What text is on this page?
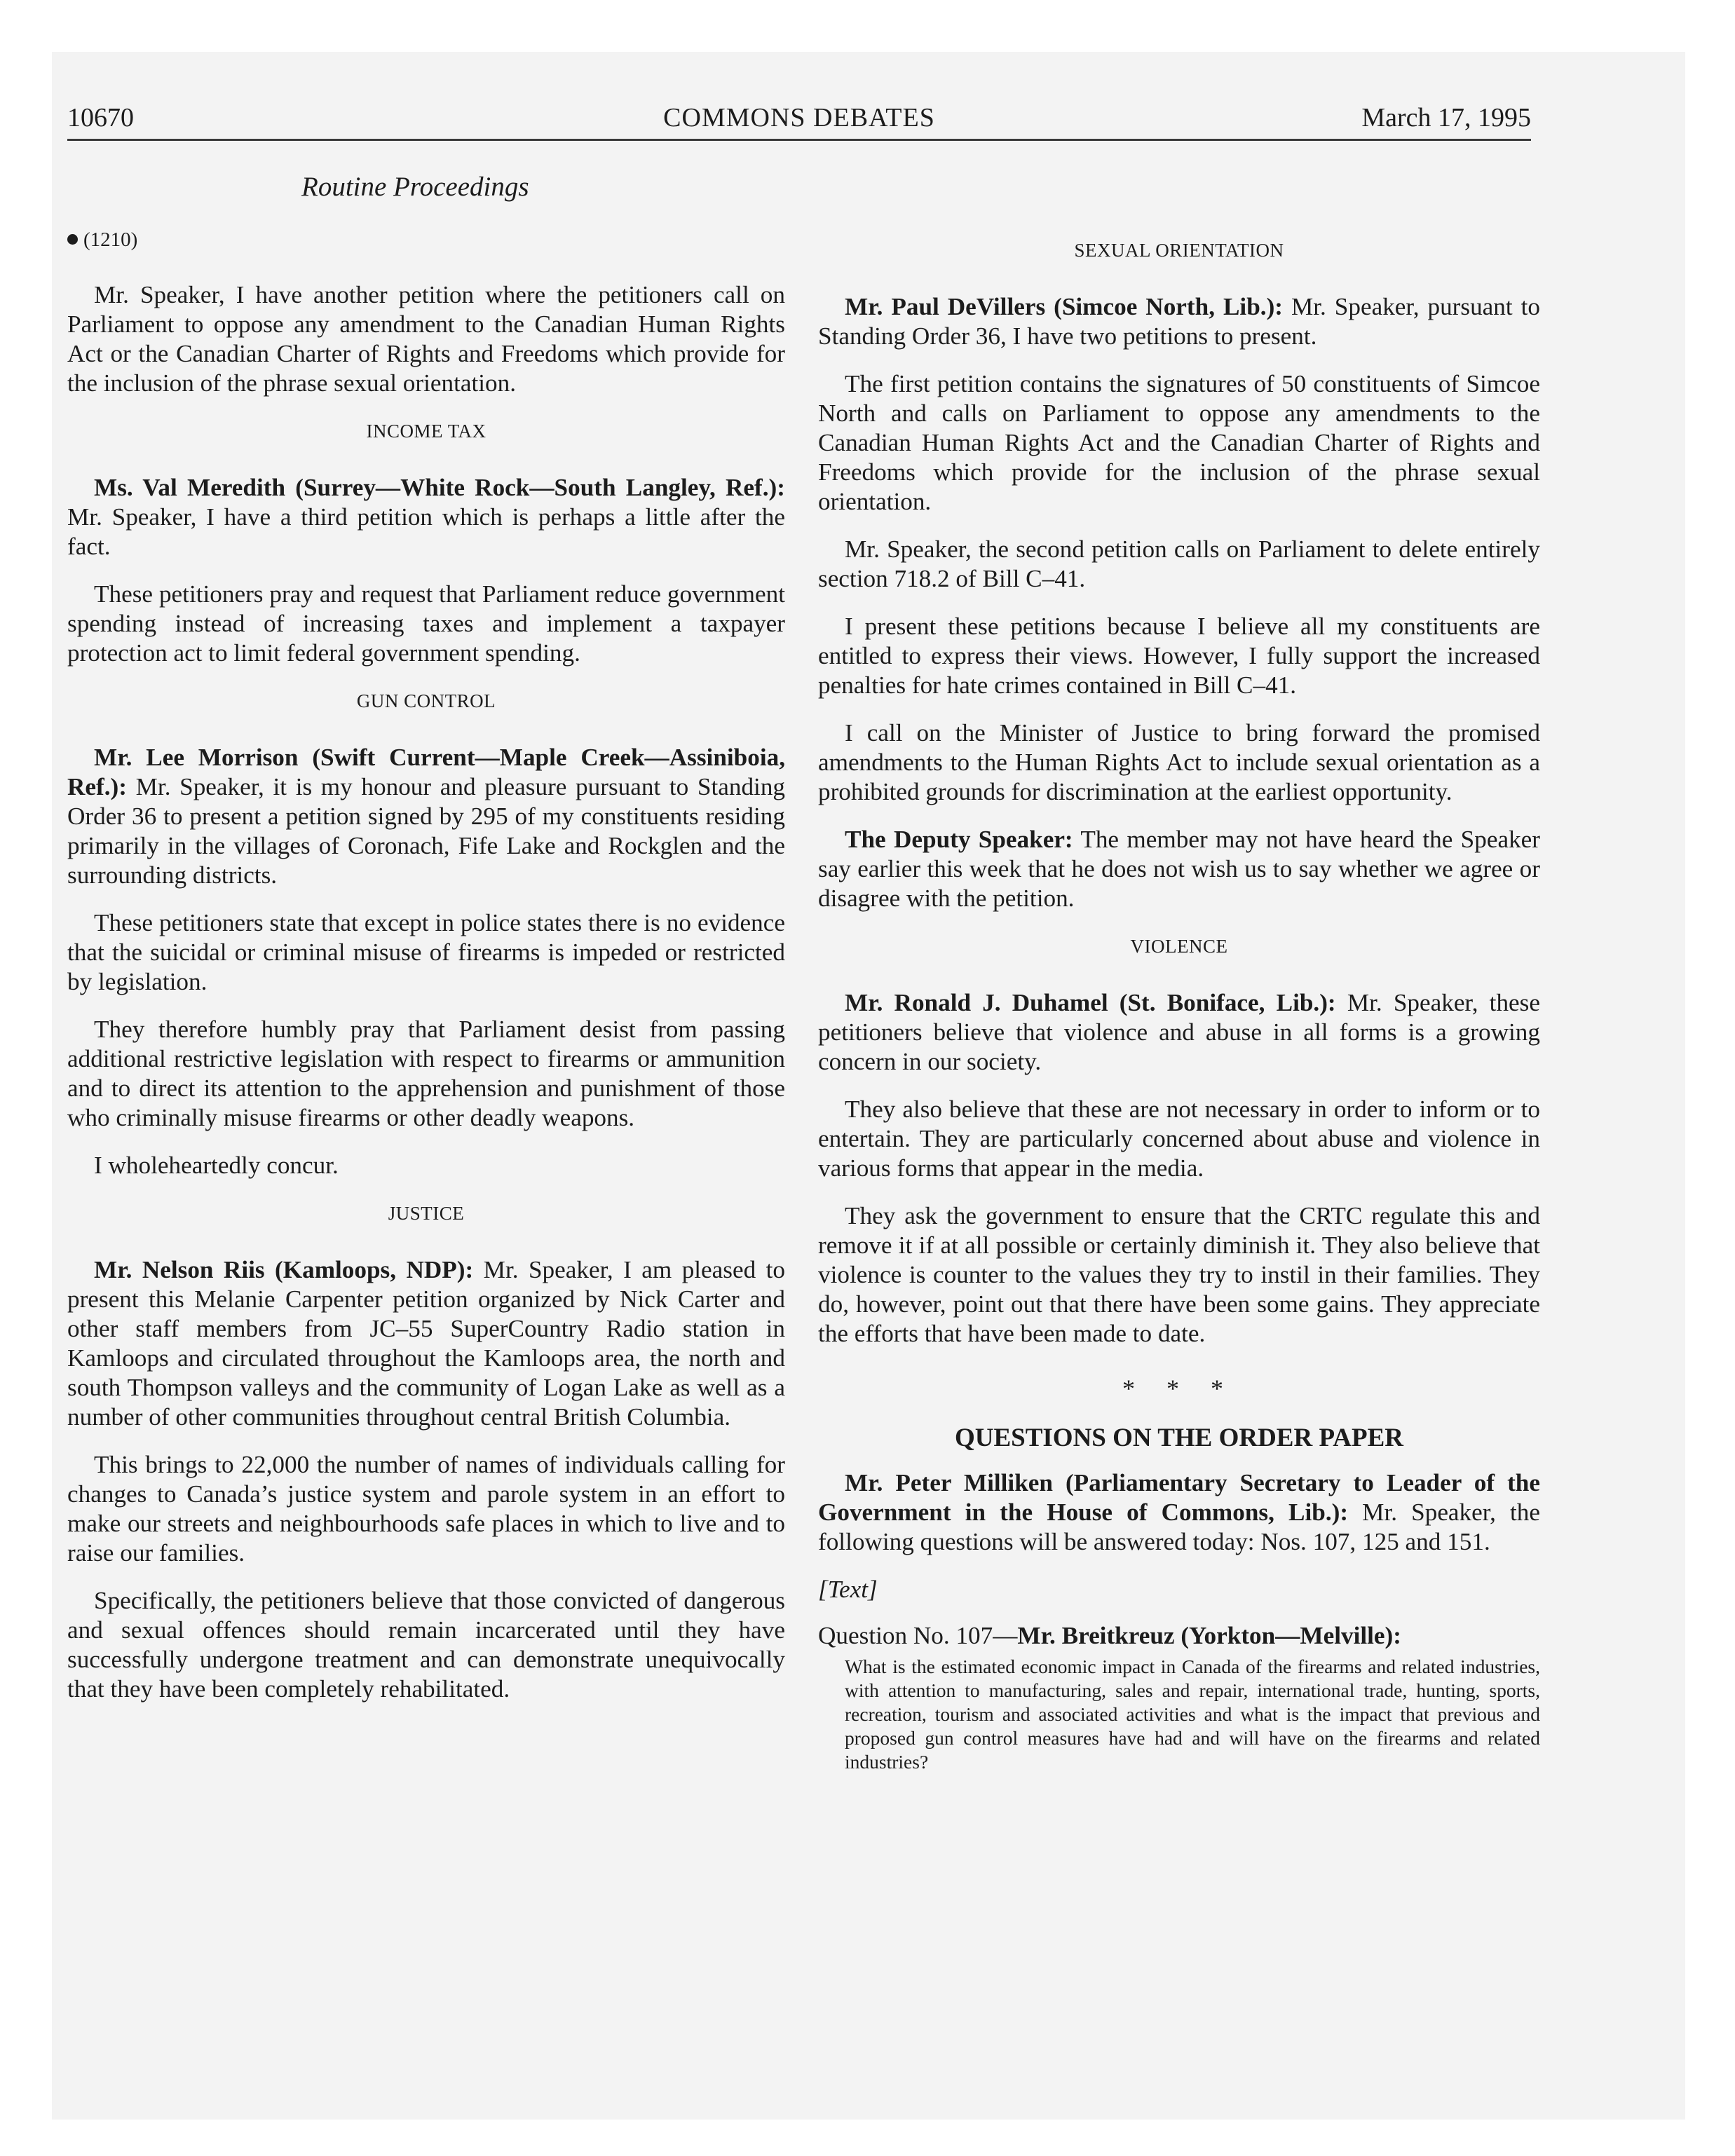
10670	COMMONS DEBATES	March 17, 1995
Routine Proceedings
(1210)

Mr. Speaker, I have another petition where the petitioners call on Parliament to oppose any amendment to the Canadian Human Rights Act or the Canadian Charter of Rights and Freedoms which provide for the inclusion of the phrase sexual orientation.

INCOME TAX

Ms. Val Meredith (Surrey—White Rock—South Langley, Ref.): Mr. Speaker, I have a third petition which is perhaps a little after the fact.

These petitioners pray and request that Parliament reduce government spending instead of increasing taxes and implement a taxpayer protection act to limit federal government spending.

GUN CONTROL

Mr. Lee Morrison (Swift Current—Maple Creek—Assiniboia, Ref.): Mr. Speaker, it is my honour and pleasure pursuant to Standing Order 36 to present a petition signed by 295 of my constituents residing primarily in the villages of Coronach, Fife Lake and Rockglen and the surrounding districts.

These petitioners state that except in police states there is no evidence that the suicidal or criminal misuse of firearms is impeded or restricted by legislation.

They therefore humbly pray that Parliament desist from passing additional restrictive legislation with respect to firearms or ammunition and to direct its attention to the apprehension and punishment of those who criminally misuse firearms or other deadly weapons.

I wholeheartedly concur.

JUSTICE

Mr. Nelson Riis (Kamloops, NDP): Mr. Speaker, I am pleased to present this Melanie Carpenter petition organized by Nick Carter and other staff members from JC–55 SuperCountry Radio station in Kamloops and circulated throughout the Kamloops area, the north and south Thompson valleys and the community of Logan Lake as well as a number of other communities throughout central British Columbia.

This brings to 22,000 the number of names of individuals calling for changes to Canada’s justice system and parole system in an effort to make our streets and neighbourhoods safe places in which to live and to raise our families.

Specifically, the petitioners believe that those convicted of dangerous and sexual offences should remain incarcerated until they have successfully undergone treatment and can demonstrate unequivocally that they have been completely rehabilitated.

SEXUAL ORIENTATION

Mr. Paul DeVillers (Simcoe North, Lib.): Mr. Speaker, pursuant to Standing Order 36, I have two petitions to present.

The first petition contains the signatures of 50 constituents of Simcoe North and calls on Parliament to oppose any amendments to the Canadian Human Rights Act and the Canadian Charter of Rights and Freedoms which provide for the inclusion of the phrase sexual orientation.

Mr. Speaker, the second petition calls on Parliament to delete entirely section 718.2 of Bill C–41.

I present these petitions because I believe all my constituents are entitled to express their views. However, I fully support the increased penalties for hate crimes contained in Bill C–41.

I call on the Minister of Justice to bring forward the promised amendments to the Human Rights Act to include sexual orientation as a prohibited grounds for discrimination at the earliest opportunity.

The Deputy Speaker: The member may not have heard the Speaker say earlier this week that he does not wish us to say whether we agree or disagree with the petition.

VIOLENCE

Mr. Ronald J. Duhamel (St. Boniface, Lib.): Mr. Speaker, these petitioners believe that violence and abuse in all forms is a growing concern in our society.

They also believe that these are not necessary in order to inform or to entertain. They are particularly concerned about abuse and violence in various forms that appear in the media.

They ask the government to ensure that the CRTC regulate this and remove it if at all possible or certainly diminish it. They also believe that violence is counter to the values they try to instil in their families. They do, however, point out that there have been some gains. They appreciate the efforts that have been made to date.

* * *
QUESTIONS ON THE ORDER PAPER

Mr. Peter Milliken (Parliamentary Secretary to Leader of the Government in the House of Commons, Lib.): Mr. Speaker, the following questions will be answered today: Nos. 107, 125 and 151.

[Text]

Question No. 107—Mr. Breitkreuz (Yorkton—Melville):

What is the estimated economic impact in Canada of the firearms and related industries, with attention to manufacturing, sales and repair, international trade, hunting, sports, recreation, tourism and associated activities and what is the impact that previous and proposed gun control measures have had and will have on the firearms and related industries?
